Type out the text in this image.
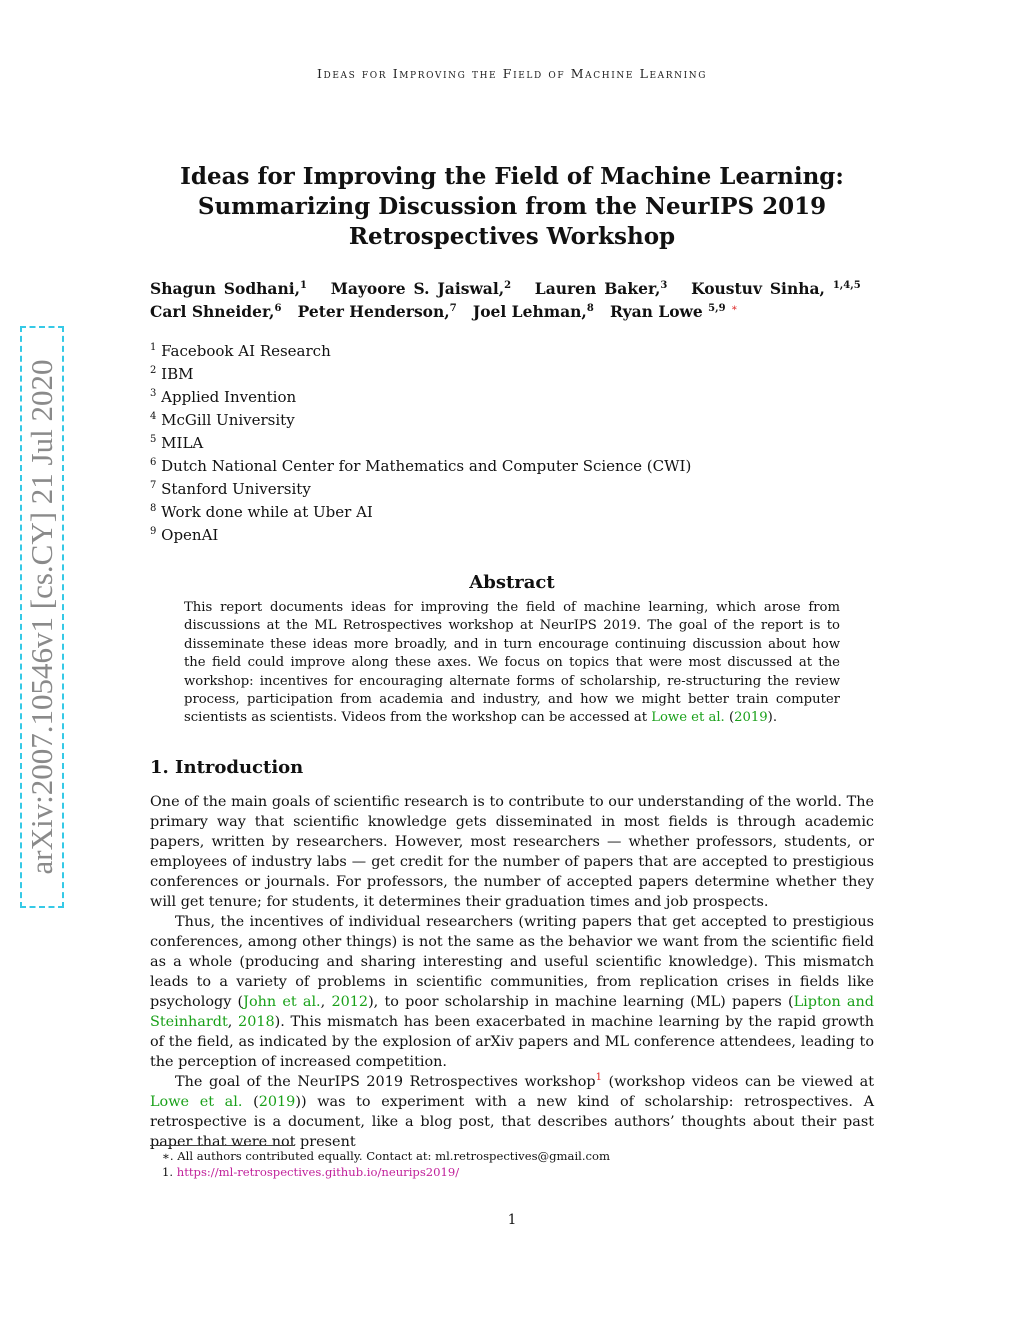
Ideas for Improving the Field of Machine Learning
Ideas for Improving the Field of Machine Learning:
Summarizing Discussion from the NeurIPS 2019
Retrospectives Workshop
Shagun Sodhani,$^1$ Mayoore S. Jaiswal,$^2$ Lauren Baker,$^3$ Koustuv Sinha, $^{1,4,5}$   Carl Shneider,$^6$ Peter Henderson,$^7$ Joel Lehman,$^8$ Ryan Lowe $^{5,9}$ ∗
$^1$ Facebook AI Research
$^2$ IBM
$^3$ Applied Invention
$^4$ McGill University
$^5$ MILA
$^6$ Dutch National Center for Mathematics and Computer Science (CWI)
$^7$ Stanford University
$^8$ Work done while at Uber AI
$^9$ OpenAI
Abstract
This report documents ideas for improving the field of machine learning, which arose from discussions at the ML Retrospectives workshop at NeurIPS 2019. The goal of the report is to disseminate these ideas more broadly, and in turn encourage continuing discussion about how the field could improve along these axes. We focus on topics that were most discussed at the workshop: incentives for encouraging alternate forms of scholarship, re-structuring the review process, participation from academia and industry, and how we might better train computer scientists as scientists. Videos from the workshop can be accessed at Lowe et al. (2019).
1. Introduction

One of the main goals of scientific research is to contribute to our understanding of the world. The primary way that scientific knowledge gets disseminated in most fields is through academic papers, written by researchers. However, most researchers — whether professors, students, or employees of industry labs — get credit for the number of papers that are accepted to prestigious conferences or journals. For professors, the number of accepted papers determine whether they will get tenure; for students, it determines their graduation times and job prospects.

Thus, the incentives of individual researchers (writing papers that get accepted to prestigious conferences, among other things) is not the same as the behavior we want from the scientific field as a whole (producing and sharing interesting and useful scientific knowledge). This mismatch leads to a variety of problems in scientific communities, from replication crises in fields like psychology (John et al., 2012), to poor scholarship in machine learning (ML) papers (Lipton and Steinhardt, 2018). This mismatch has been exacerbated in machine learning by the rapid growth of the field, as indicated by the explosion of arXiv papers and ML conference attendees, leading to the perception of increased competition.

The goal of the NeurIPS 2019 Retrospectives workshop$^1$ (workshop videos can be viewed at Lowe et al. (2019)) was to experiment with a new kind of scholarship: retrospectives. A retrospective is a document, like a blog post, that describes authors’ thoughts about their past paper that were not present

∗. All authors contributed equally. Contact at: ml.retrospectives@gmail.com
1. https://ml-retrospectives.github.io/neurips2019/
1
arXiv:2007.10546v1 [cs.CY] 21 Jul 2020
